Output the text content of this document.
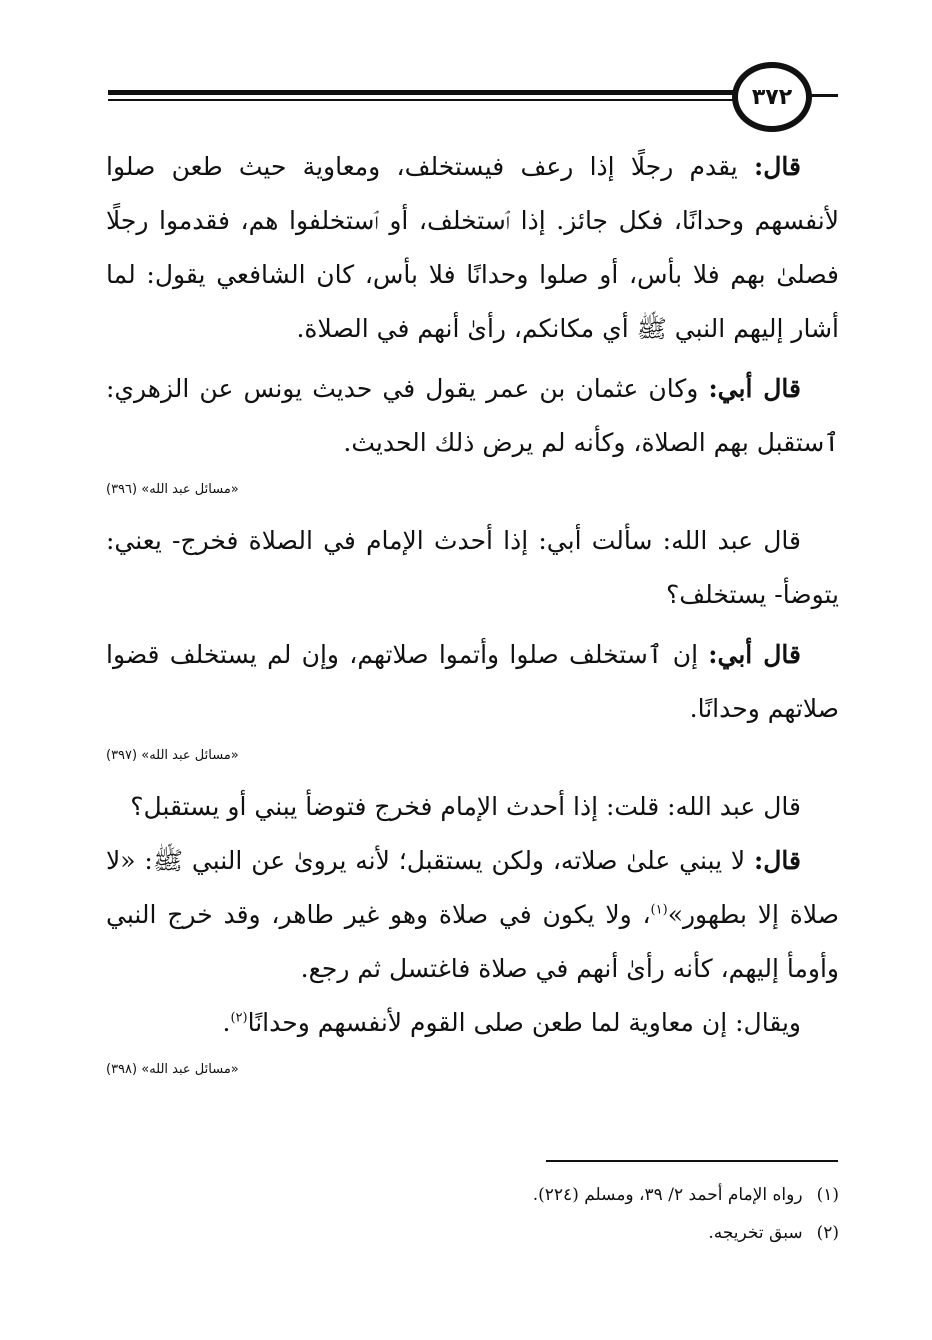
٣٧٢

قال: يقدم رجلًا إذا رعف فيستخلف، ومعاوية حيث طعن صلوا لأنفسهم وحدانًا، فكل جائز. إذا ٱستخلف، أو ٱستخلفوا هم، فقدموا رجلًا فصلىٰ بهم فلا بأس، أو صلوا وحدانًا فلا بأس، كان الشافعي يقول: لما أشار إليهم النبي ﷺ أي مكانكم، رأىٰ أنهم في الصلاة.

قال أبي: وكان عثمان بن عمر يقول في حديث يونس عن الزهري: ٱستقبل بهم الصلاة، وكأنه لم يرض ذلك الحديث.

«مسائل عبد الله» (٣٩٦)

قال عبد الله: سألت أبي: إذا أحدث الإمام في الصلاة فخرج- يعني: يتوضأ- يستخلف؟

قال أبي: إن ٱستخلف صلوا وأتموا صلاتهم، وإن لم يستخلف قضوا صلاتهم وحدانًا.

«مسائل عبد الله» (٣٩٧)

قال عبد الله: قلت: إذا أحدث الإمام فخرج فتوضأ يبني أو يستقبل؟

قال: لا يبني علىٰ صلاته، ولكن يستقبل؛ لأنه يروىٰ عن النبي ﷺ: «لا صلاة إلا بطهور»$^{(١)}$، ولا يكون في صلاة وهو غير طاهر، وقد خرج النبي وأومأ إليهم، كأنه رأىٰ أنهم في صلاة فاغتسل ثم رجع.

ويقال: إن معاوية لما طعن صلى القوم لأنفسهم وحدانًا$^{(٢)}$.

«مسائل عبد الله» (٣٩٨)

(١)رواه الإمام أحمد ٢/ ٣٩، ومسلم (٢٢٤).

(٢)سبق تخريجه.
